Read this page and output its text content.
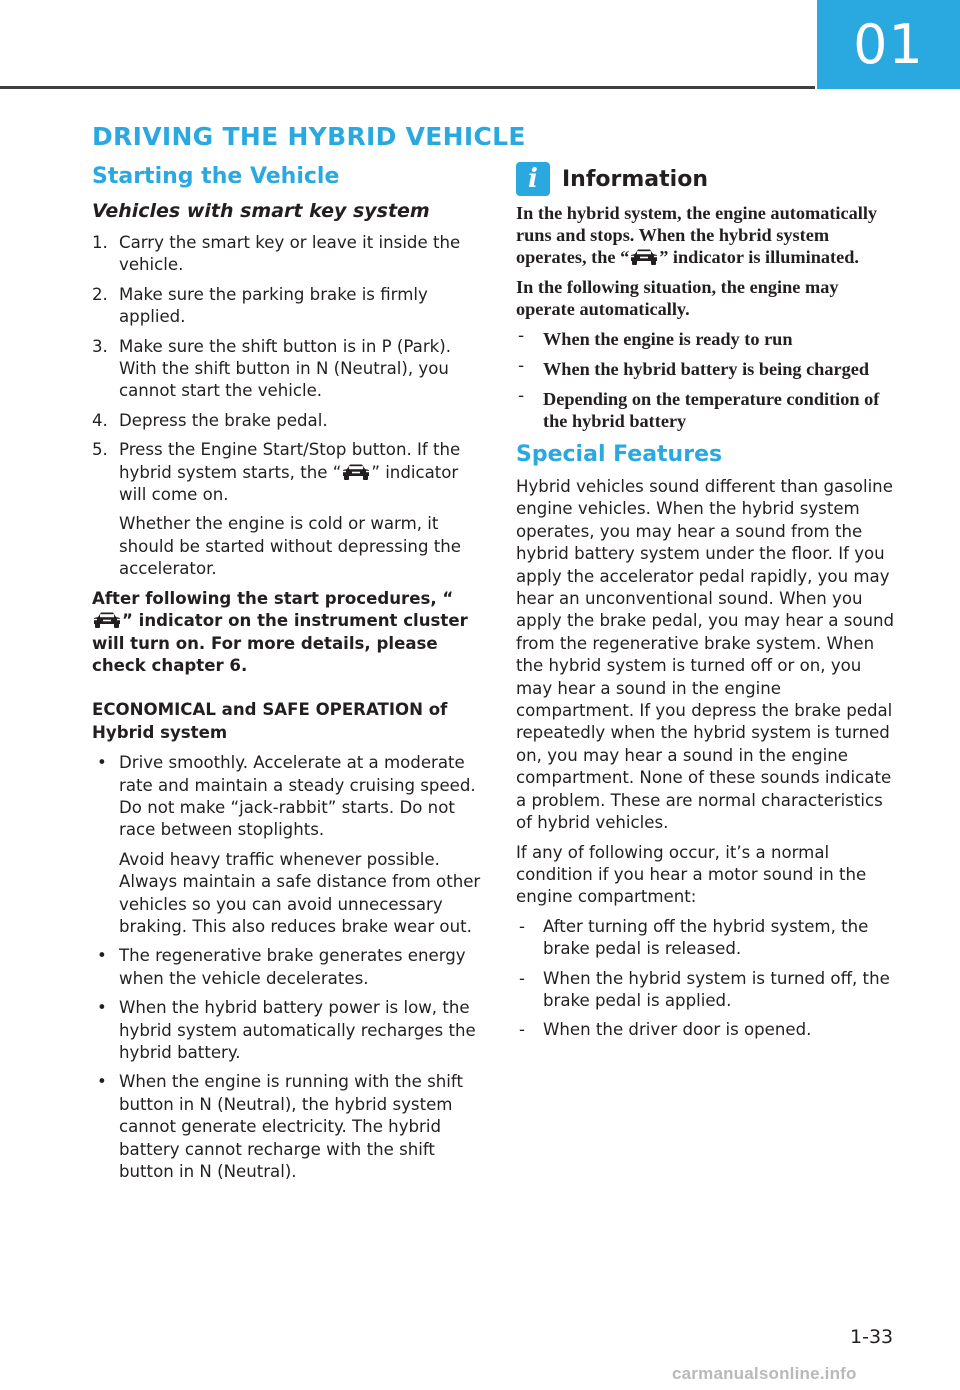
01
DRIVING THE HYBRID VEHICLE
Starting the Vehicle
Vehicles with smart key system
1. Carry the smart key or leave it inside the vehicle.
2. Make sure the parking brake is firmly applied.
3. Make sure the shift button is in P (Park). With the shift button in N (Neutral), you cannot start the vehicle.
4. Depress the brake pedal.
5. Press the Engine Start/Stop button. If the hybrid system starts, the “ ” indicator will come on.
Whether the engine is cold or warm, it should be started without depressing the accelerator.

After following the start procedures, “” indicator on the instrument cluster will turn on. For more details, please check chapter 6.

ECONOMICAL and SAFE OPERATION of Hybrid system

• Drive smoothly. Accelerate at a moderate rate and maintain a steady cruising speed. Do not make “jack-rabbit” starts. Do not race between stoplights.
Avoid heavy traffic whenever possible. Always maintain a safe distance from other vehicles so you can avoid unnecessary braking. This also reduces brake wear out.
• The regenerative brake generates energy when the vehicle decelerates.
• When the hybrid battery power is low, the hybrid system automatically recharges the hybrid battery.
• When the engine is running with the shift button in N (Neutral), the hybrid system cannot generate electricity. The hybrid battery cannot recharge with the shift button in N (Neutral).
i	Information

In the hybrid system, the engine automatically runs and stops. When the hybrid system operates, the “ ” indicator is illuminated.

In the following situation, the engine may operate automatically.

- When the engine is ready to run
- When the hybrid battery is being charged
- Depending on the temperature condition of the hybrid battery
Special Features

Hybrid vehicles sound different than gasoline engine vehicles. When the hybrid system operates, you may hear a sound from the hybrid battery system under the floor. If you apply the accelerator pedal rapidly, you may hear an unconventional sound. When you apply the brake pedal, you may hear a sound from the regenerative brake system. When the hybrid system is turned off or on, you may hear a sound in the engine compartment. If you depress the brake pedal repeatedly when the hybrid system is turned on, you may hear a sound in the engine compartment. None of these sounds indicate a problem. These are normal characteristics of hybrid vehicles.

If any of following occur, it’s a normal condition if you hear a motor sound in the engine compartment:

- After turning off the hybrid system, the brake pedal is released.
- When the hybrid system is turned off, the brake pedal is applied.
- When the driver door is opened.
1-33
carmanualsonline.info
